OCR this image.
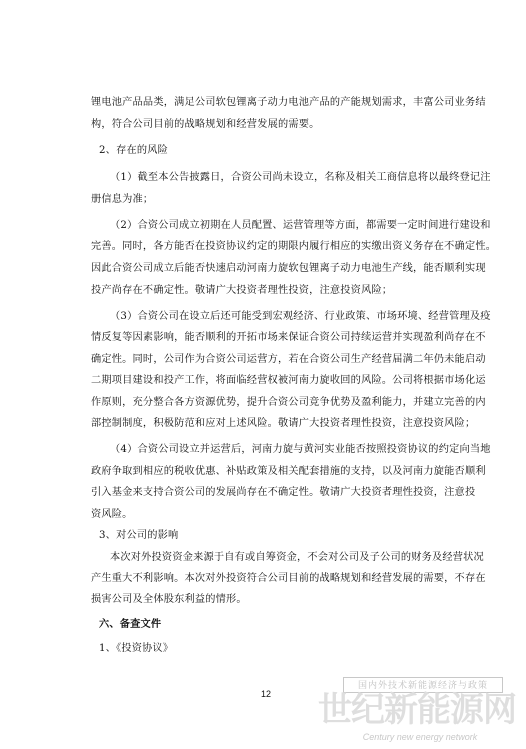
锂电池产品品类，满足公司软包锂离子动力电池产品的产能规划需求，丰富公司业务结
构，符合公司目前的战略规划和经营发展的需要。
2、存在的风险
（1）截至本公告披露日，合资公司尚未设立，名称及相关工商信息将以最终登记注
册信息为准；
（2）合资公司成立初期在人员配置、运营管理等方面，都需要一定时间进行建设和
完善。同时，各方能否在投资协议约定的期限内履行相应的实缴出资义务存在不确定性。
因此合资公司成立后能否快速启动河南力旋软包锂离子动力电池生产线，能否顺利实现
投产尚存在不确定性。敬请广大投资者理性投资，注意投资风险；
（3）合资公司在设立后还可能受到宏观经济、行业政策、市场环境、经营管理及疫
情反复等因素影响，能否顺利的开拓市场来保证合资公司持续运营并实现盈利尚存在不
确定性。同时，公司作为合资公司运营方，若在合资公司生产经营届满二年仍未能启动
二期项目建设和投产工作，将面临经营权被河南力旋收回的风险。公司将根据市场化运
作原则，充分整合各方资源优势，提升合资公司竞争优势及盈利能力，并建立完善的内
部控制制度，积极防范和应对上述风险。敬请广大投资者理性投资，注意投资风险；
（4）合资公司设立并运营后，河南力旋与黄河实业能否按照投资协议的约定向当地
政府争取到相应的税收优惠、补贴政策及相关配套措施的支持，以及河南力旋能否顺利
引入基金来支持合资公司的发展尚存在不确定性。敬请广大投资者理性投资，注意投
资风险。
3、对公司的影响
本次对外投资资金来源于自有或自筹资金，不会对公司及子公司的财务及经营状况
产生重大不利影响。本次对外投资符合公司目前的战略规划和经营发展的需要，不存在
损害公司及全体股东利益的情形。
六、备查文件
1、《投资协议》
国内外技术新能源经济与政策
12 世纪新能源网
Century new energy network
